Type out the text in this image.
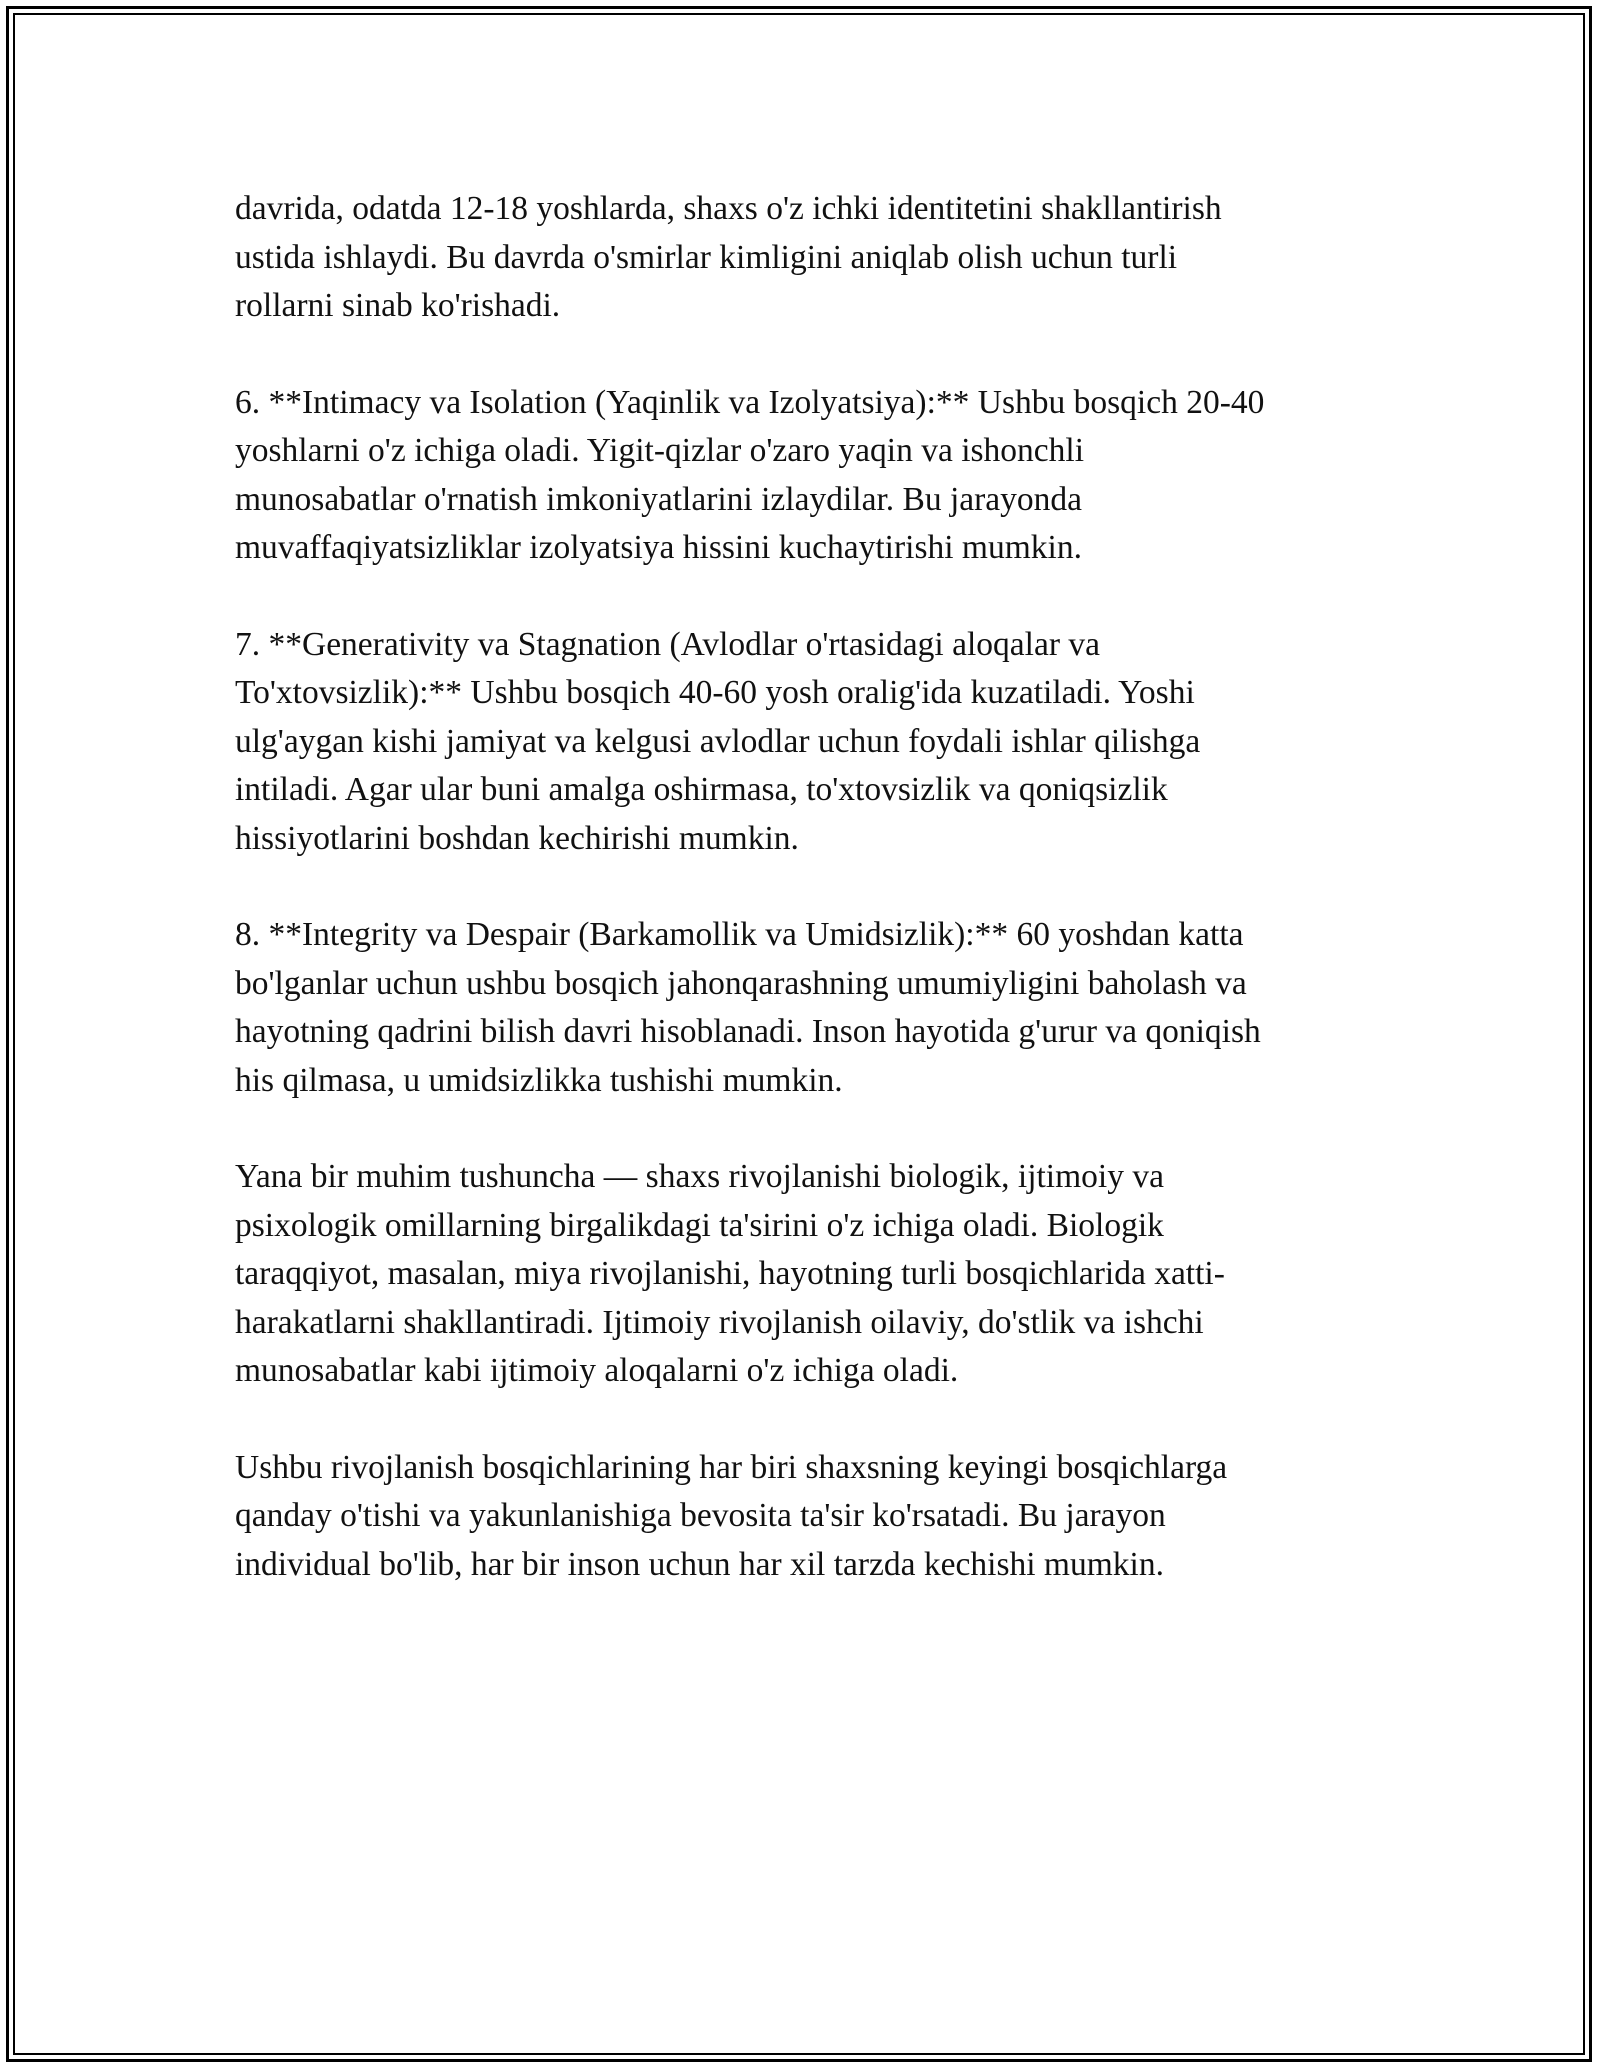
davrida, odatda 12-18 yoshlarda, shaxs o'z ichki identitetini shakllantirish
ustida ishlaydi. Bu davrda o'smirlar kimligini aniqlab olish uchun turli
rollarni sinab ko'rishadi.

6. **Intimacy va Isolation (Yaqinlik va Izolyatsiya):** Ushbu bosqich 20-40
yoshlarni o'z ichiga oladi. Yigit-qizlar o'zaro yaqin va ishonchli
munosabatlar o'rnatish imkoniyatlarini izlaydilar. Bu jarayonda
muvaffaqiyatsizliklar izolyatsiya hissini kuchaytirishi mumkin.

7. **Generativity va Stagnation (Avlodlar o'rtasidagi aloqalar va
To'xtovsizlik):** Ushbu bosqich 40-60 yosh oralig'ida kuzatiladi. Yoshi
ulg'aygan kishi jamiyat va kelgusi avlodlar uchun foydali ishlar qilishga
intiladi. Agar ular buni amalga oshirmasa, to'xtovsizlik va qoniqsizlik
hissiyotlarini boshdan kechirishi mumkin.

8. **Integrity va Despair (Barkamollik va Umidsizlik):** 60 yoshdan katta
bo'lganlar uchun ushbu bosqich jahonqarashning umumiyligini baholash va
hayotning qadrini bilish davri hisoblanadi. Inson hayotida g'urur va qoniqish
his qilmasa, u umidsizlikka tushishi mumkin.

Yana bir muhim tushuncha — shaxs rivojlanishi biologik, ijtimoiy va
psixologik omillarning birgalikdagi ta'sirini o'z ichiga oladi. Biologik
taraqqiyot, masalan, miya rivojlanishi, hayotning turli bosqichlarida xatti-
harakatlarni shakllantiradi. Ijtimoiy rivojlanish oilaviy, do'stlik va ishchi
munosabatlar kabi ijtimoiy aloqalarni o'z ichiga oladi.

Ushbu rivojlanish bosqichlarining har biri shaxsning keyingi bosqichlarga
qanday o'tishi va yakunlanishiga bevosita ta'sir ko'rsatadi. Bu jarayon
individual bo'lib, har bir inson uchun har xil tarzda kechishi mumkin.
